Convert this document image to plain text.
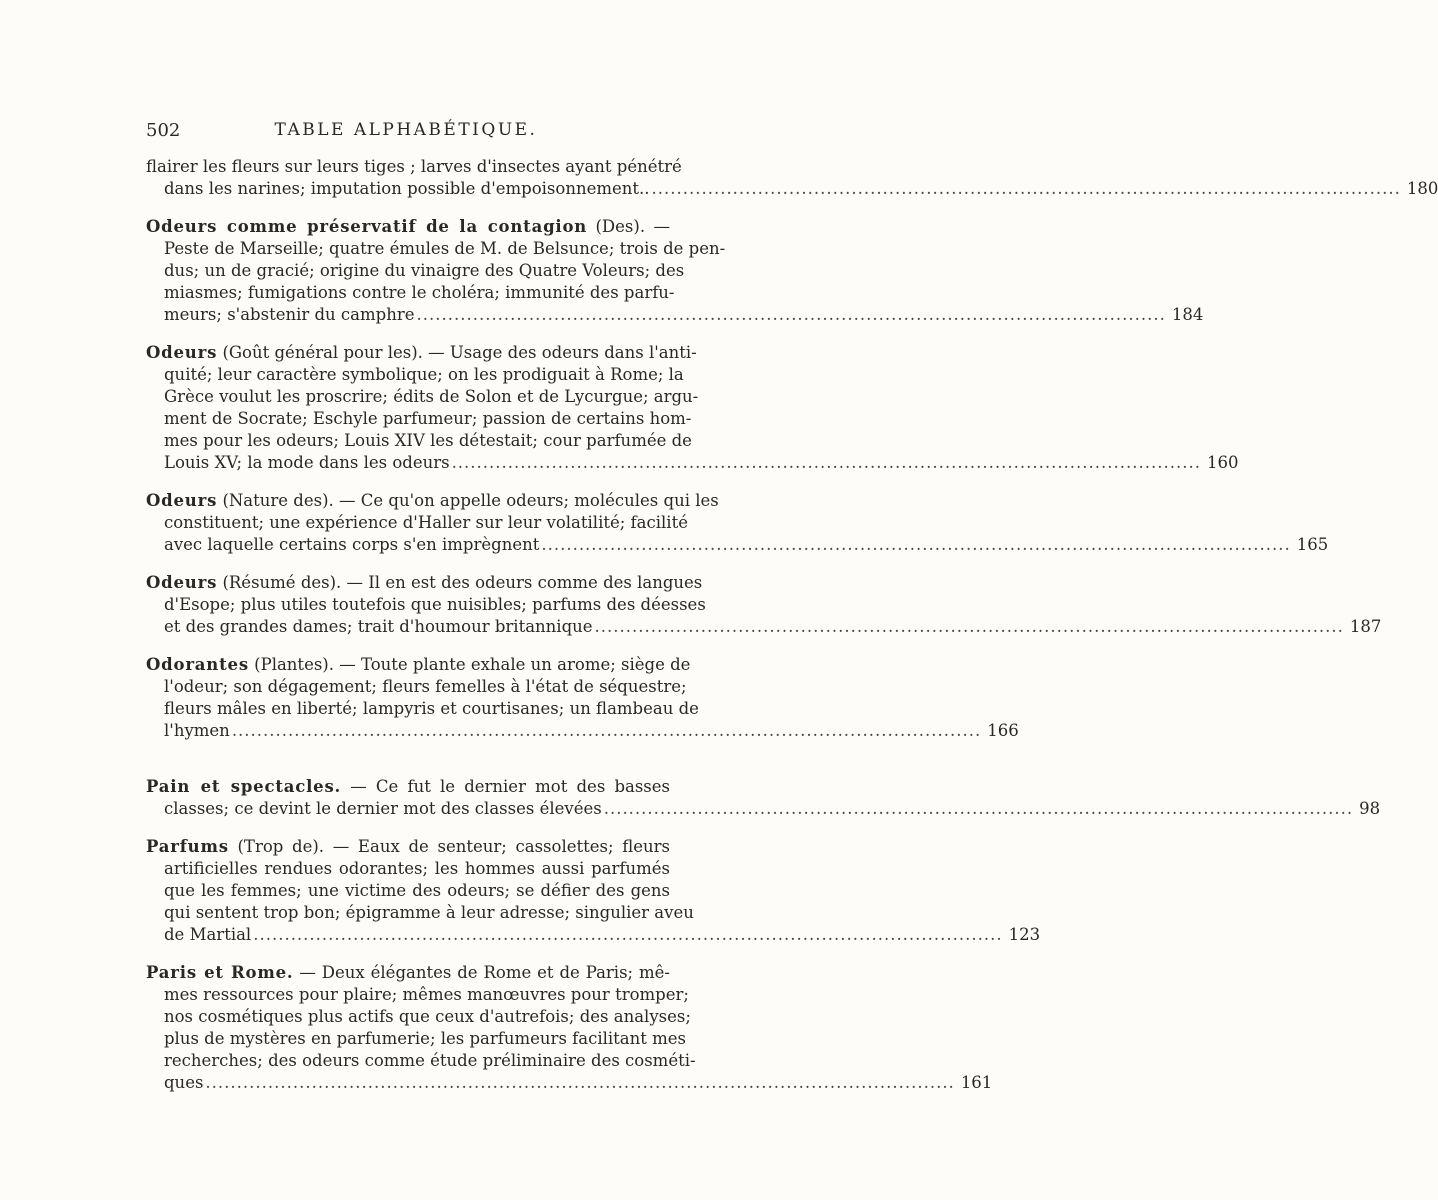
502	TABLE ALPHABÉTIQUE.
flairer les fleurs sur leurs tiges ; larves d'insectes ayant pénétré
dans les narines; imputation possible d'empoisonnement.. ........................................................................................................................ 180
Odeurs comme préservatif de la contagion (Des). —
Peste de Marseille; quatre émules de M. de Belsunce; trois de pen-
dus; un de gracié; origine du vinaigre des Quatre Voleurs; des
miasmes; fumigations contre le choléra; immunité des parfu-
meurs; s'abstenir du camphre ........................................................................................................................ 184
Odeurs (Goût général pour les). — Usage des odeurs dans l'anti-
quité; leur caractère symbolique; on les prodiguait à Rome; la
Grèce voulut les proscrire; édits de Solon et de Lycurgue; argu-
ment de Socrate; Eschyle parfumeur; passion de certains hom-
mes pour les odeurs; Louis XIV les détestait; cour parfumée de
Louis XV; la mode dans les odeurs ........................................................................................................................ 160
Odeurs (Nature des). — Ce qu'on appelle odeurs; molécules qui les
constituent; une expérience d'Haller sur leur volatilité; facilité
avec laquelle certains corps s'en imprègnent ........................................................................................................................ 165
Odeurs (Résumé des). — Il en est des odeurs comme des langues
d'Esope; plus utiles toutefois que nuisibles; parfums des déesses
et des grandes dames; trait d'houmour britannique ........................................................................................................................ 187
Odorantes (Plantes). — Toute plante exhale un arome; siège de
l'odeur; son dégagement; fleurs femelles à l'état de séquestre;
fleurs mâles en liberté; lampyris et courtisanes; un flambeau de
l'hymen ........................................................................................................................ 166
Pain et spectacles. — Ce fut le dernier mot des basses
classes; ce devint le dernier mot des classes élevées ........................................................................................................................ 98
Parfums (Trop de). — Eaux de senteur; cassolettes; fleurs
artificielles rendues odorantes; les hommes aussi parfumés
que les femmes; une victime des odeurs; se défier des gens
qui sentent trop bon; épigramme à leur adresse; singulier aveu
de Martial ........................................................................................................................ 123
Paris et Rome. — Deux élégantes de Rome et de Paris; mê-
mes ressources pour plaire; mêmes manœuvres pour tromper;
nos cosmétiques plus actifs que ceux d'autrefois; des analyses;
plus de mystères en parfumerie; les parfumeurs facilitant mes
recherches; des odeurs comme étude préliminaire des cosméti-
ques ........................................................................................................................ 161
